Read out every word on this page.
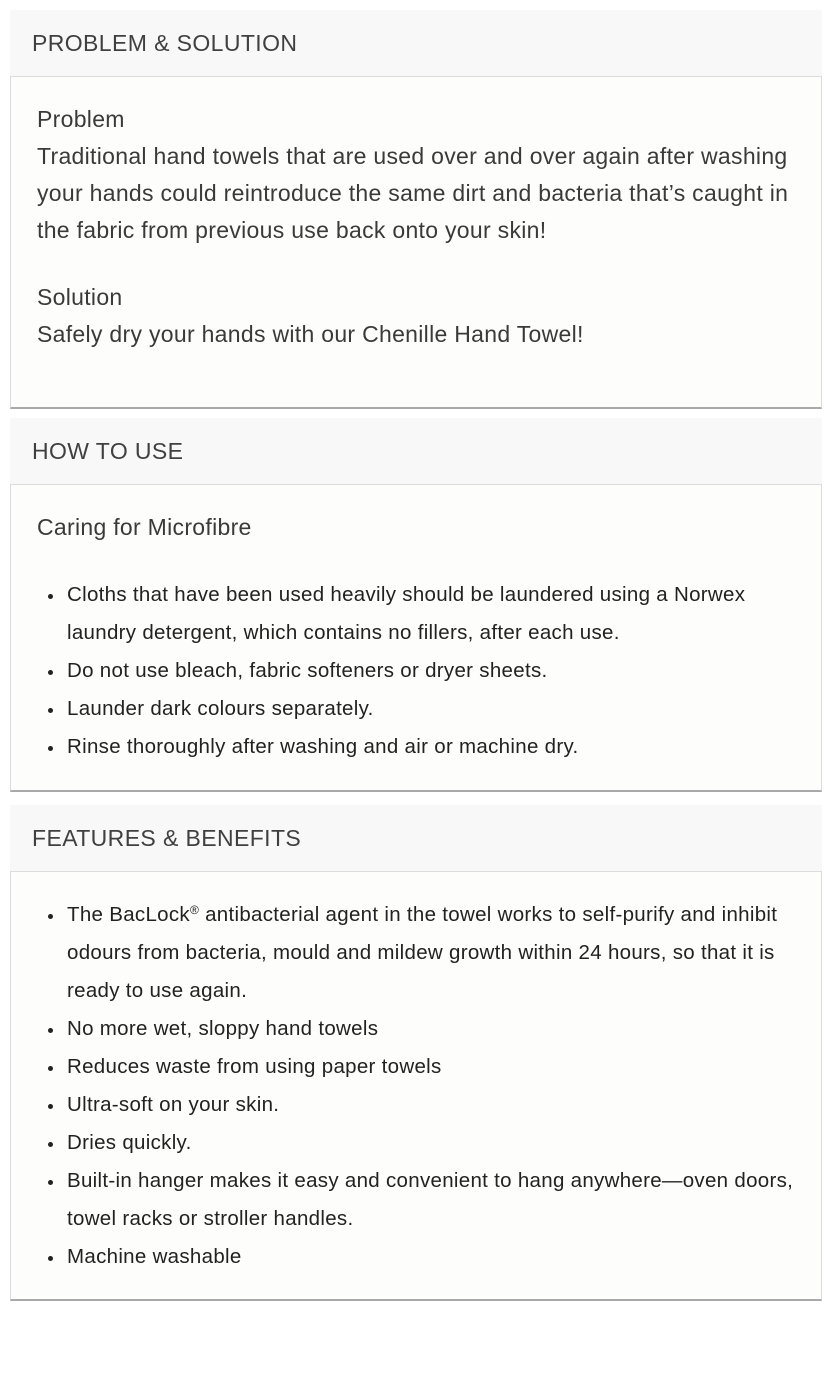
PROBLEM & SOLUTION
Problem
Traditional hand towels that are used over and over again after washing your hands could reintroduce the same dirt and bacteria that’s caught in the fabric from previous use back onto your skin!
Solution
Safely dry your hands with our Chenille Hand Towel!
HOW TO USE
Caring for Microfibre
• Cloths that have been used heavily should be laundered using a Norwex laundry detergent, which contains no fillers, after each use.
• Do not use bleach, fabric softeners or dryer sheets.
• Launder dark colours separately.
• Rinse thoroughly after washing and air or machine dry.
FEATURES & BENEFITS
• The BacLock® antibacterial agent in the towel works to self-purify and inhibit odours from bacteria, mould and mildew growth within 24 hours, so that it is ready to use again.
• No more wet, sloppy hand towels
• Reduces waste from using paper towels
• Ultra-soft on your skin.
• Dries quickly.
• Built-in hanger makes it easy and convenient to hang anywhere—oven doors, towel racks or stroller handles.
• Machine washable
